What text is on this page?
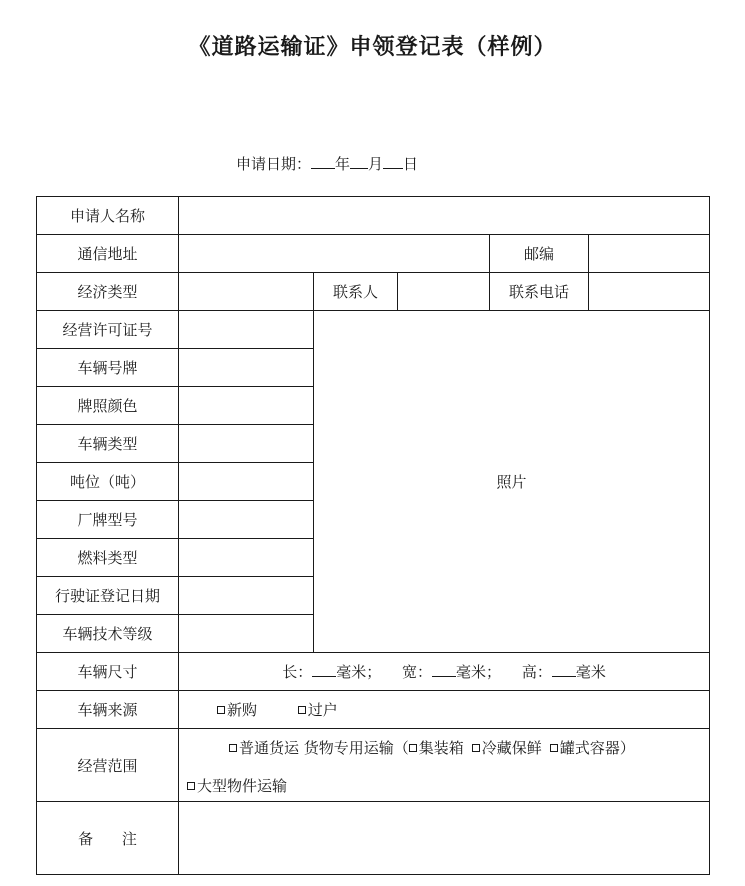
《道路运输证》申领登记表（样例）
申请日期： 年 月 日
申请人名称					
通信地址				邮编	
经济类型		联系人		联系电话	
经营许可证号		照片			
车辆号牌					
牌照颜色					
车辆类型					
吨位（吨）					
厂牌型号					
燃料类型					
行驶证登记日期					
车辆技术等级					
车辆尺寸	长： 毫米； 宽： 毫米； 高： 毫米				
车辆来源	新购 过户				
经营范围	普通货运 货物专用运输（ 集装箱 冷藏保鲜 罐式容器）
大型物件运输				

备 注					
